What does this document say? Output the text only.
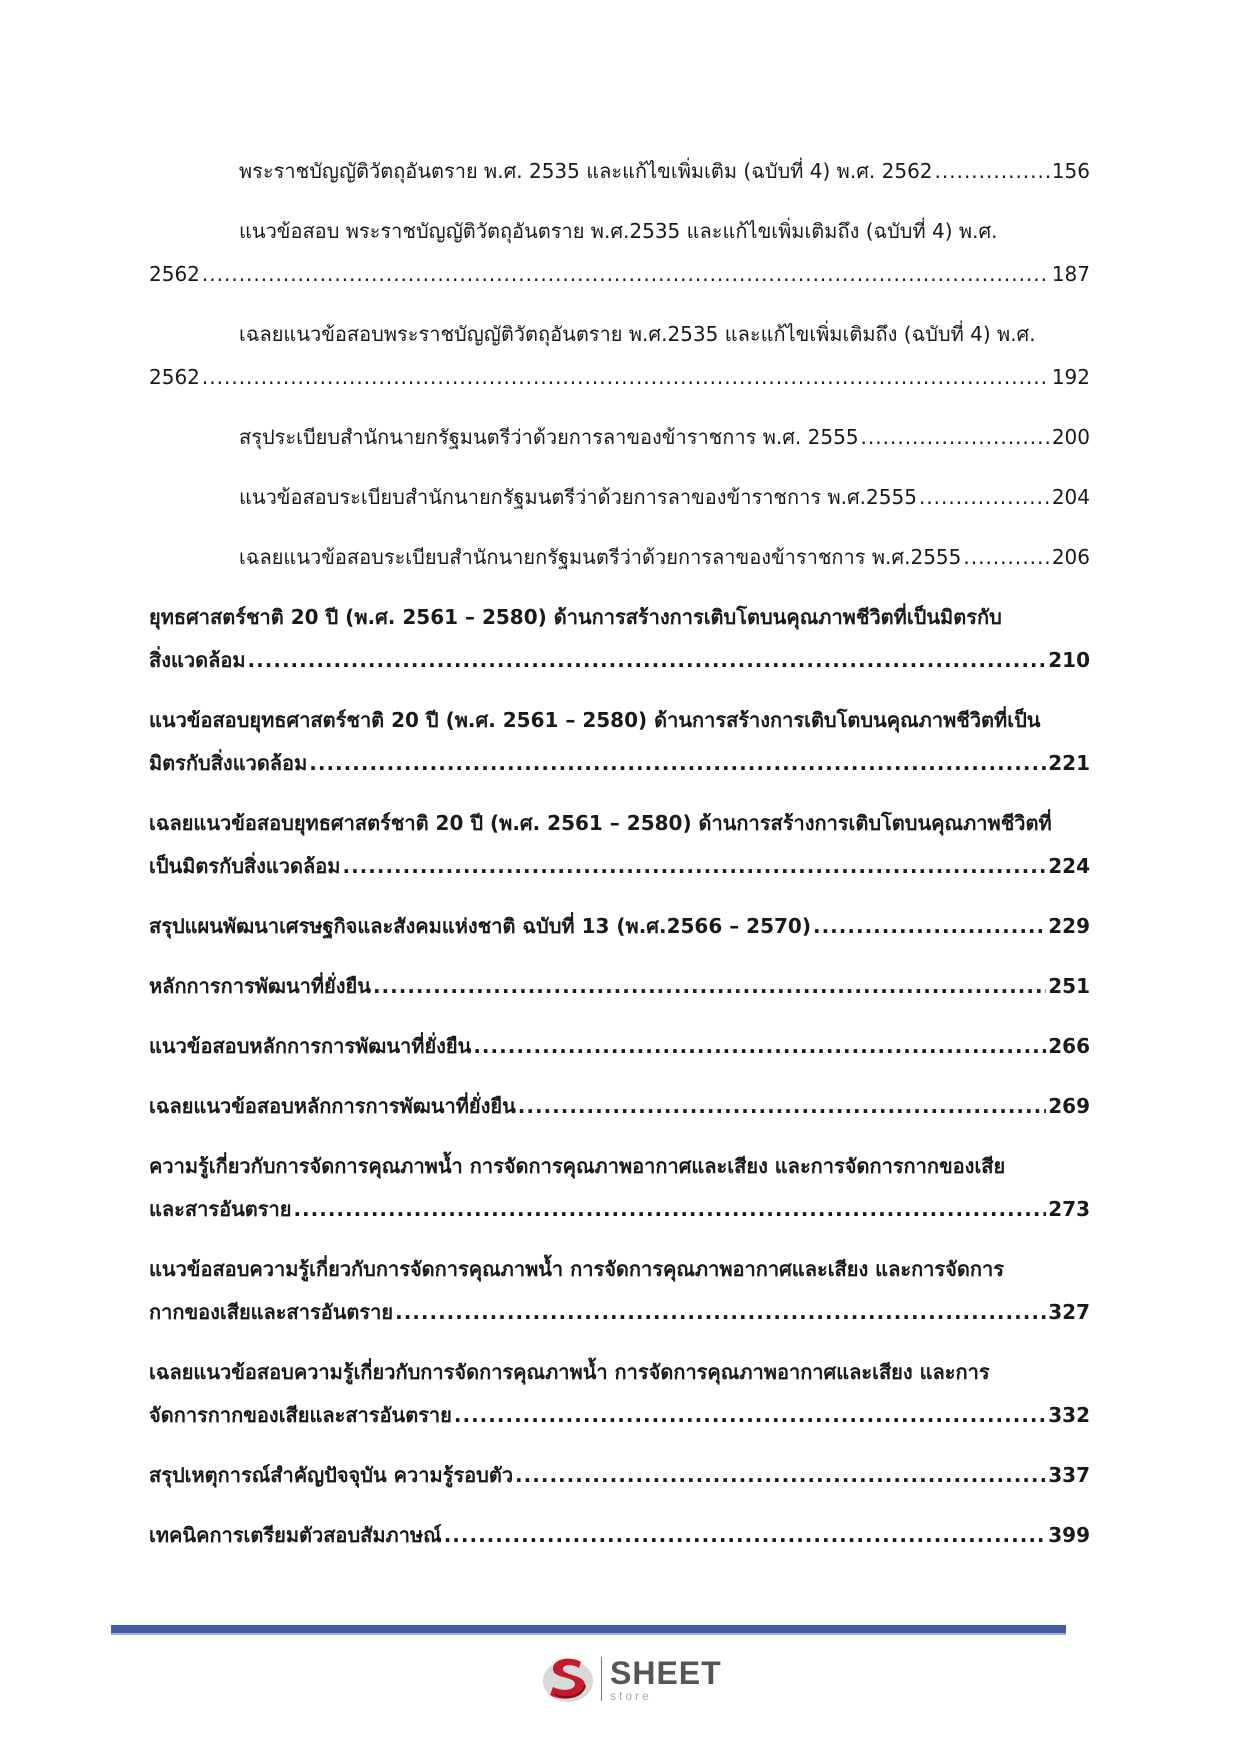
พระราชบัญญัติวัตถุอันตราย พ.ศ. 2535 และแก้ไขเพิ่มเติม (ฉบับที่ 4) พ.ศ. 2562 .....	156
แนวข้อสอบ พระราชบัญญัติวัตถุอันตราย พ.ศ.2535 และแก้ไขเพิ่มเติมถึง (ฉบับที่ 4) พ.ศ.
2562 .....	187
เฉลยแนวข้อสอบพระราชบัญญัติวัตถุอันตราย พ.ศ.2535 และแก้ไขเพิ่มเติมถึง (ฉบับที่ 4) พ.ศ.
2562 .....	192
สรุประเบียบสำนักนายกรัฐมนตรีว่าด้วยการลาของข้าราชการ พ.ศ. 2555 .....	200
แนวข้อสอบระเบียบสำนักนายกรัฐมนตรีว่าด้วยการลาของข้าราชการ พ.ศ.2555 .....	204
เฉลยแนวข้อสอบระเบียบสำนักนายกรัฐมนตรีว่าด้วยการลาของข้าราชการ พ.ศ.2555 .....	206
ยุทธศาสตร์ชาติ 20 ปี (พ.ศ. 2561 – 2580) ด้านการสร้างการเติบโตบนคุณภาพชีวิตที่เป็นมิตรกับ
สิ่งแวดล้อม .....	210
แนวข้อสอบยุทธศาสตร์ชาติ 20 ปี (พ.ศ. 2561 – 2580) ด้านการสร้างการเติบโตบนคุณภาพชีวิตที่เป็น
มิตรกับสิ่งแวดล้อม .....	221
เฉลยแนวข้อสอบยุทธศาสตร์ชาติ 20 ปี (พ.ศ. 2561 – 2580) ด้านการสร้างการเติบโตบนคุณภาพชีวิตที่
เป็นมิตรกับสิ่งแวดล้อม .....	224
สรุปแผนพัฒนาเศรษฐกิจและสังคมแห่งชาติ ฉบับที่ 13 (พ.ศ.2566 – 2570) .....	229
หลักการการพัฒนาที่ยั่งยืน .....	251
แนวข้อสอบหลักการการพัฒนาที่ยั่งยืน .....	266
เฉลยแนวข้อสอบหลักการการพัฒนาที่ยั่งยืน .....	269
ความรู้เกี่ยวกับการจัดการคุณภาพน้ำ การจัดการคุณภาพอากาศและเสียง และการจัดการกากของเสีย
และสารอันตราย .....	273
แนวข้อสอบความรู้เกี่ยวกับการจัดการคุณภาพน้ำ การจัดการคุณภาพอากาศและเสียง และการจัดการ
กากของเสียและสารอันตราย .....	327
เฉลยแนวข้อสอบความรู้เกี่ยวกับการจัดการคุณภาพน้ำ การจัดการคุณภาพอากาศและเสียง และการ
จัดการกากของเสียและสารอันตราย .....	332
สรุปเหตุการณ์สำคัญปัจจุบัน ความรู้รอบตัว .....	337
เทคนิคการเตรียมตัวสอบสัมภาษณ์ .....	399
SHEET
store
